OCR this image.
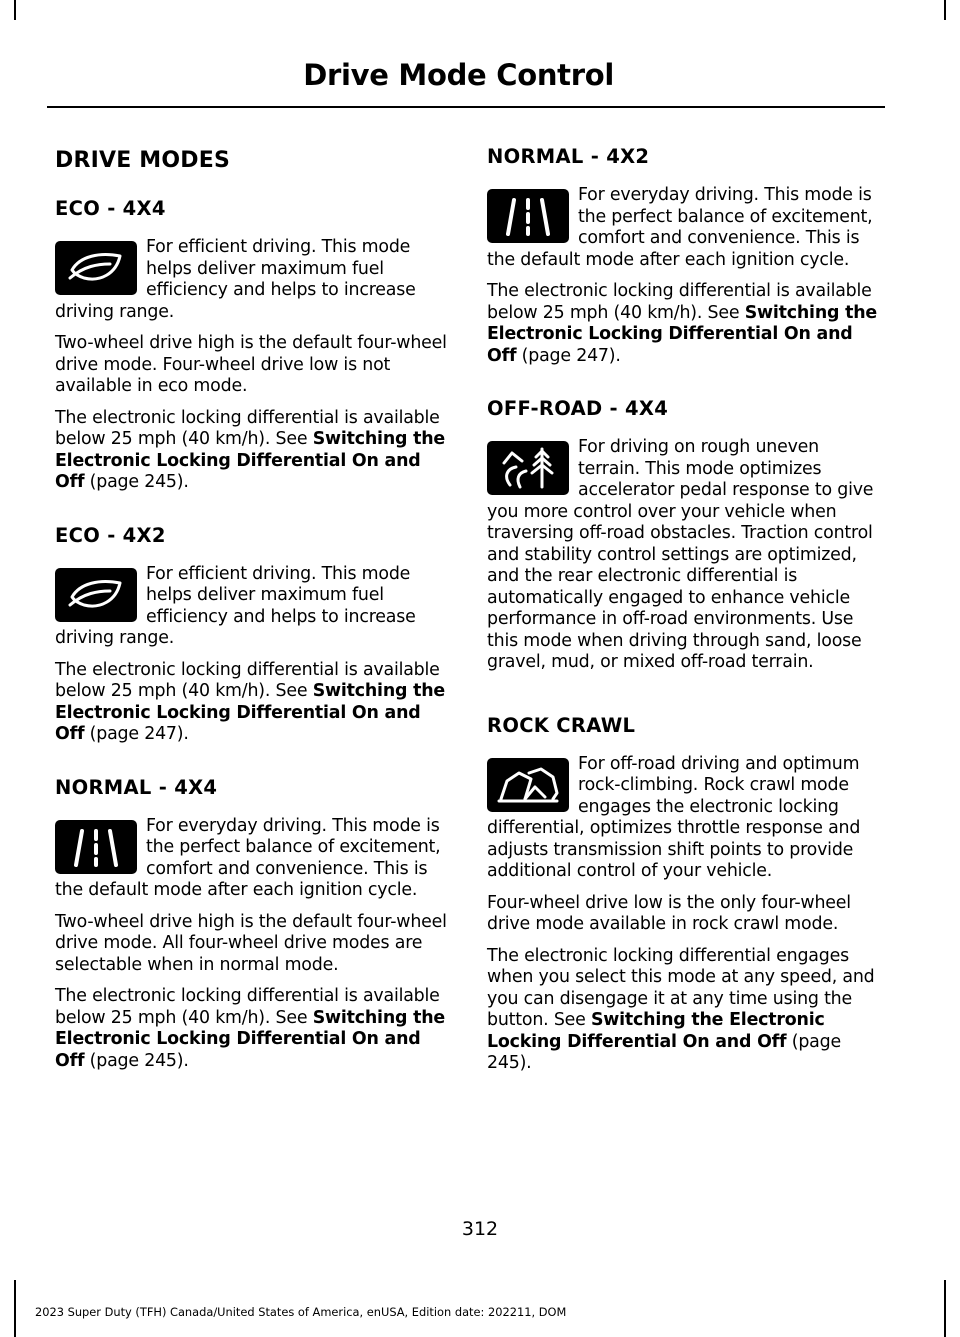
Drive Mode Control
DRIVE MODES
ECO - 4X4

For efficient driving. This mode helps deliver maximum fuel efficiency and helps to increase driving range.

Two-wheel drive high is the default four-wheel drive mode. Four-wheel drive low is not available in eco mode.

The electronic locking differential is available below 25 mph (40 km/h). See Switching the Electronic Locking Differential On and Off (page 245).

ECO - 4X2

For efficient driving. This mode helps deliver maximum fuel efficiency and helps to increase driving range.

The electronic locking differential is available below 25 mph (40 km/h). See Switching the Electronic Locking Differential On and Off (page 247).

NORMAL - 4X4

For everyday driving. This mode is the perfect balance of excitement, comfort and convenience. This is the default mode after each ignition cycle.

Two-wheel drive high is the default four-wheel drive mode. All four-wheel drive modes are selectable when in normal mode.

The electronic locking differential is available below 25 mph (40 km/h). See Switching the Electronic Locking Differential On and Off (page 245).

NORMAL - 4X2

For everyday driving. This mode is the perfect balance of excitement, comfort and convenience. This is the default mode after each ignition cycle.

The electronic locking differential is available below 25 mph (40 km/h). See Switching the Electronic Locking Differential On and Off (page 247).

OFF-ROAD - 4X4

For driving on rough uneven terrain. This mode optimizes accelerator pedal response to give you more control over your vehicle when traversing off-road obstacles. Traction control and stability control settings are optimized, and the rear electronic differential is automatically engaged to enhance vehicle performance in off-road environments. Use this mode when driving through sand, loose gravel, mud, or mixed off-road terrain.

ROCK CRAWL

For off-road driving and optimum rock-climbing. Rock crawl mode engages the electronic locking differential, optimizes throttle response and adjusts transmission shift points to provide additional control of your vehicle.

Four-wheel drive low is the only four-wheel drive mode available in rock crawl mode.

The electronic locking differential engages when you select this mode at any speed, and you can disengage it at any time using the button. See Switching the Electronic Locking Differential On and Off (page 245).

312
2023 Super Duty (TFH) Canada/United States of America, enUSA, Edition date: 202211, DOM
